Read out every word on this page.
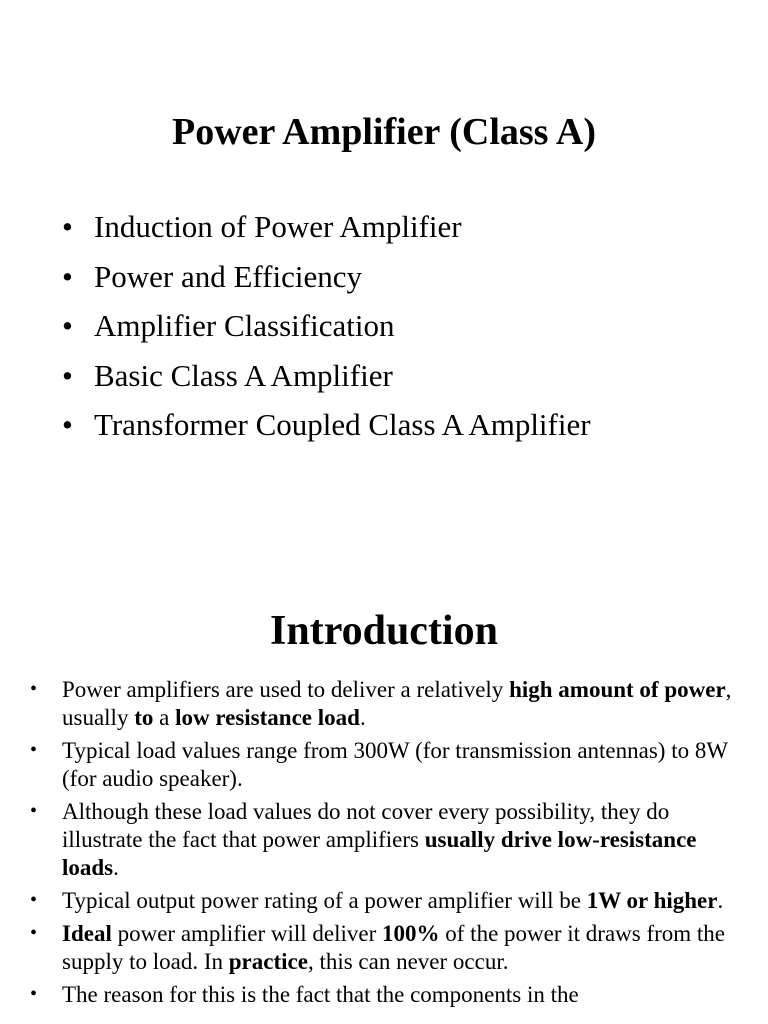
Power Amplifier (Class A)
• Induction of Power Amplifier
• Power and Efficiency
• Amplifier Classification
• Basic Class A Amplifier
• Transformer Coupled Class A Amplifier
Introduction
• Power amplifiers are used to deliver a relatively high amount of power, usually to a low resistance load.
• Typical load values range from 300W (for transmission antennas) to 8W (for audio speaker).
• Although these load values do not cover every possibility, they do illustrate the fact that power amplifiers usually drive low-resistance loads.
• Typical output power rating of a power amplifier will be 1W or higher.
• Ideal power amplifier will deliver 100% of the power it draws from the supply to load. In practice, this can never occur.
• The reason for this is the fact that the components in the
